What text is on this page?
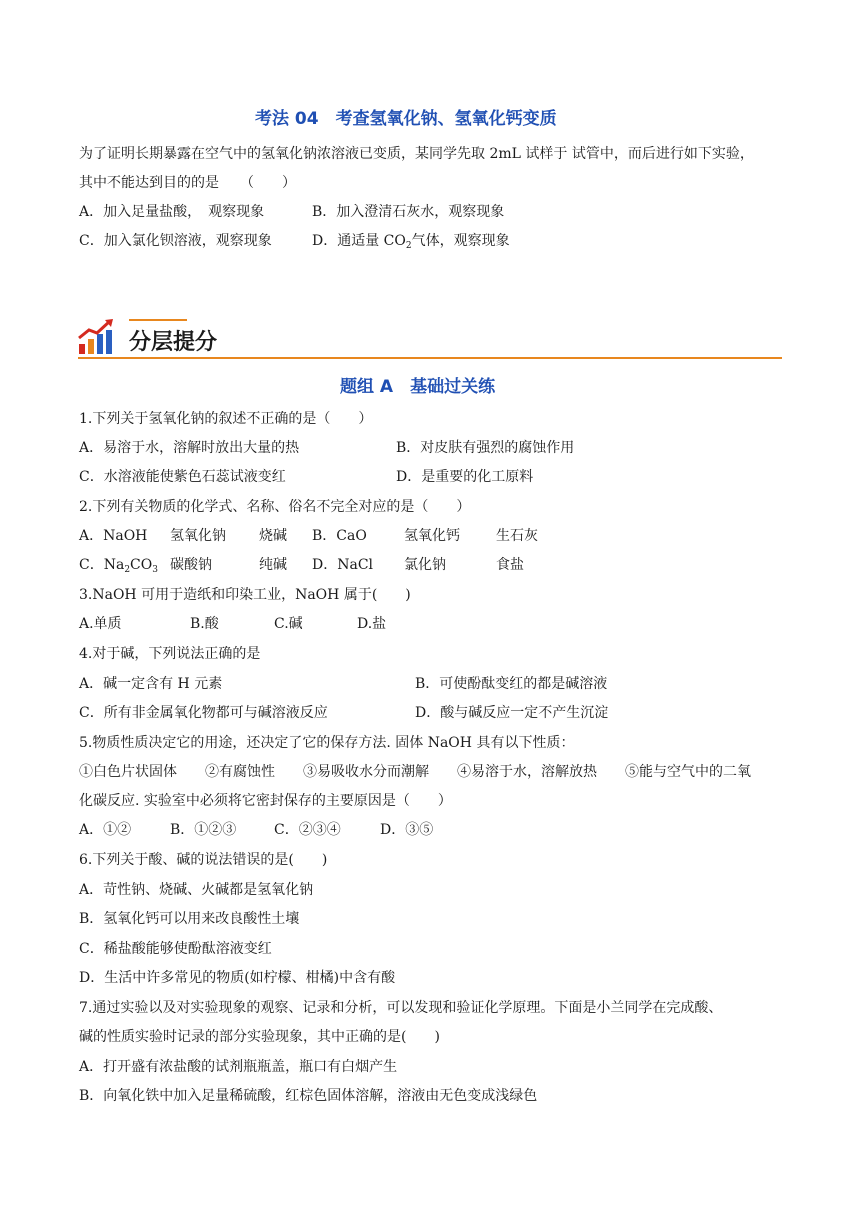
考法 04　考查氢氧化钠、氢氧化钙变质
为了证明长期暴露在空气中的氢氧化钠浓溶液已变质，某同学先取 2mL 试样于 试管中，而后进行如下实验，
其中不能达到目的的是　　（　　）
A．加入足量盐酸，　观察现象	B．加入澄清石灰水，观察现象
C．加入氯化钡溶液，观察现象	D．通适量 $CO_2$气体，观察现象
分层提分
题组 A　基础过关练
1.下列关于氢氧化钠的叙述不正确的是（　　）
A．易溶于水，溶解时放出大量的热	B．对皮肤有强烈的腐蚀作用
C．水溶液能使紫色石蕊试液变红	D．是重要的化工原料
2.下列有关物质的化学式、名称、俗名不完全对应的是（　　）
A．NaOH 氢氧化钠 烧碱 B．CaO	氢氧化钙	生石灰
C．$Na_2CO_3$ 碳酸钠	纯碱 D．NaCl 氯化钠	食盐
3.NaOH 可用于造纸和印染工业，NaOH 属于(　　)
A.单质	B.酸	C.碱	D.盐
4.对于碱，下列说法正确的是
A．碱一定含有 H 元素	B．可使酚酞变红的都是碱溶液
C．所有非金属氧化物都可与碱溶液反应	D．酸与碱反应一定不产生沉淀
5.物质性质决定它的用途，还决定了它的保存方法. 固体 NaOH 具有以下性质：
①白色片状固体　　②有腐蚀性　　③易吸收水分而潮解　　④易溶于水，溶解放热　　⑤能与空气中的二氧
化碳反应. 实验室中必须将它密封保存的主要原因是（　　）
A．①②	B．①②③	C．②③④	D．③⑤
6.下列关于酸、碱的说法错误的是(　　)
A．苛性钠、烧碱、火碱都是氢氧化钠
B．氢氧化钙可以用来改良酸性土壤
C．稀盐酸能够使酚酞溶液变红
D．生活中许多常见的物质(如柠檬、柑橘)中含有酸
7.通过实验以及对实验现象的观察、记录和分析，可以发现和验证化学原理。下面是小兰同学在完成酸、
碱的性质实验时记录的部分实验现象，其中正确的是(　　)
A．打开盛有浓盐酸的试剂瓶瓶盖，瓶口有白烟产生
B．向氧化铁中加入足量稀硫酸，红棕色固体溶解，溶液由无色变成浅绿色
